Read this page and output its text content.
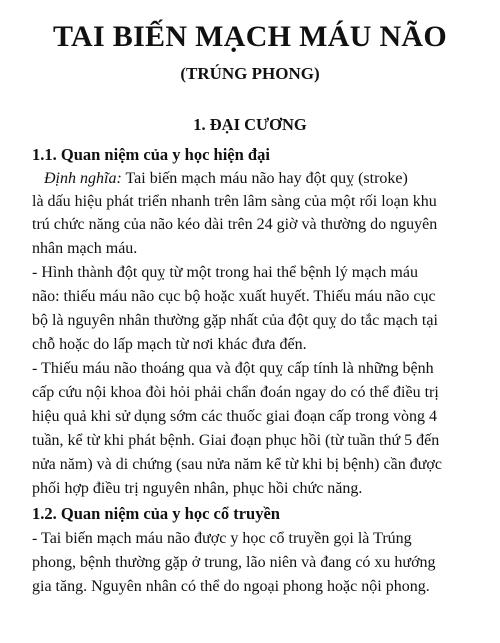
TAI BIẾN MẠCH MÁU NÃO
(TRÚNG PHONG)
1. ĐẠI CƯƠNG
1.1. Quan niệm của y học hiện đại
Định nghĩa: Tai biến mạch máu não hay đột quỵ (stroke)
là dấu hiệu phát triển nhanh trên lâm sàng của một rối loạn khu
trú chức năng của não kéo dài trên 24 giờ và thường do nguyên
nhân mạch máu.
- Hình thành đột quỵ từ một trong hai thể bệnh lý mạch máu
não: thiếu máu não cục bộ hoặc xuất huyết. Thiếu máu não cục
bộ là nguyên nhân thường gặp nhất của đột quỵ do tắc mạch tại
chỗ hoặc do lấp mạch từ nơi khác đưa đến.
- Thiếu máu não thoáng qua và đột quỵ cấp tính là những bệnh
cấp cứu nội khoa đòi hỏi phải chẩn đoán ngay do có thể điều trị
hiệu quả khi sử dụng sớm các thuốc giai đoạn cấp trong vòng 4
tuần, kể từ khi phát bệnh. Giai đoạn phục hồi (từ tuần thứ 5 đến
nửa năm) và di chứng (sau nửa năm kể từ khi bị bệnh) cần được
phối hợp điều trị nguyên nhân, phục hồi chức năng.
1.2. Quan niệm của y học cổ truyền
- Tai biến mạch máu não được y học cổ truyền gọi là Trúng
phong, bệnh thường gặp ở trung, lão niên và đang có xu hướng
gia tăng. Nguyên nhân có thể do ngoại phong hoặc nội phong.
